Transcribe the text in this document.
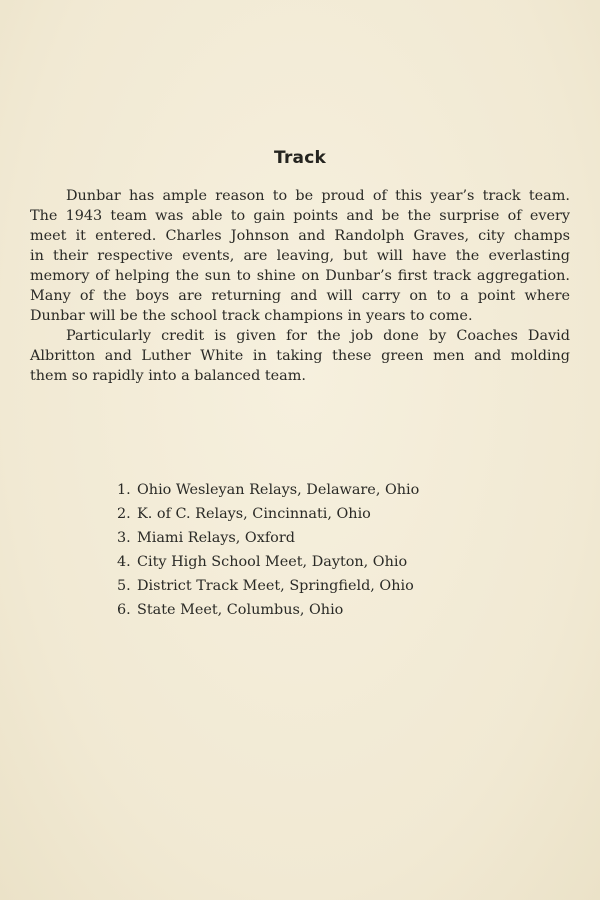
Track
Dunbar has ample reason to be proud of this year’s track team.
The 1943 team was able to gain points and be the surprise of every
meet it entered. Charles Johnson and Randolph Graves, city champs
in their respective events, are leaving, but will have the everlasting
memory of helping the sun to shine on Dunbar’s first track aggregation.
Many of the boys are returning and will carry on to a point where
Dunbar will be the school track champions in years to come.
Particularly credit is given for the job done by Coaches David
Albritton and Luther White in taking these green men and molding
them so rapidly into a balanced team.
1. Ohio Wesleyan Relays, Delaware, Ohio
2. K. of C. Relays, Cincinnati, Ohio
3. Miami Relays, Oxford
4. City High School Meet, Dayton, Ohio
5. District Track Meet, Springfield, Ohio
6. State Meet, Columbus, Ohio
